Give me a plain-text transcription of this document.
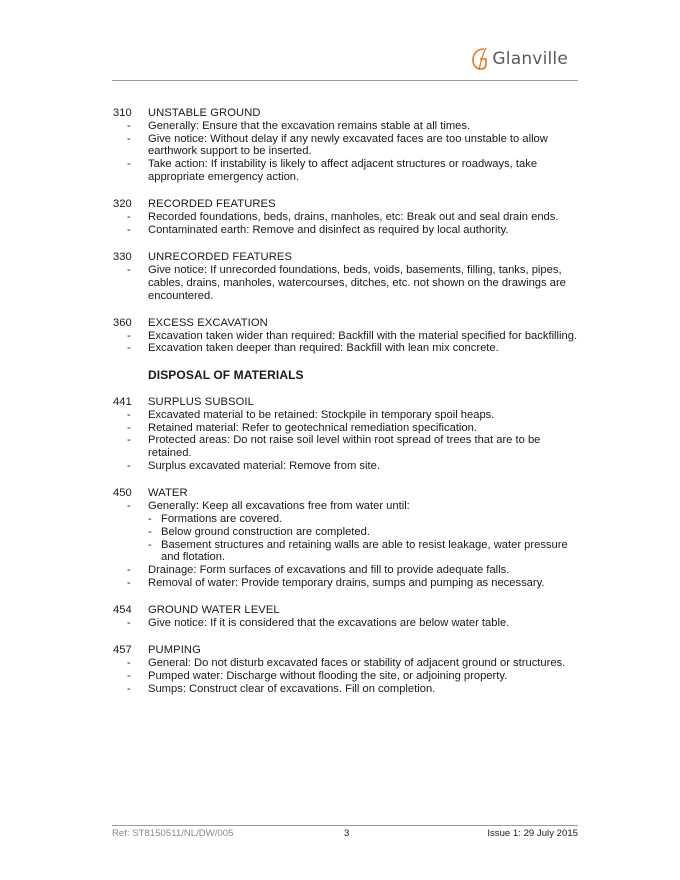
Glanville
310	UNSTABLE GROUND
-	Generally: Ensure that the excavation remains stable at all times.
-	Give notice: Without delay if any newly excavated faces are too unstable to allow earthwork support to be inserted.
-	Take action: If instability is likely to affect adjacent structures or roadways, take appropriate emergency action.
320	RECORDED FEATURES
-	Recorded foundations, beds, drains, manholes, etc: Break out and seal drain ends.
-	Contaminated earth: Remove and disinfect as required by local authority.
330	UNRECORDED FEATURES
-	Give notice: If unrecorded foundations, beds, voids, basements, filling, tanks, pipes, cables, drains, manholes, watercourses, ditches, etc. not shown on the drawings are encountered.
360	EXCESS EXCAVATION
-	Excavation taken wider than required: Backfill with the material specified for backfilling.
-	Excavation taken deeper than required: Backfill with lean mix concrete.
DISPOSAL OF MATERIALS
441	SURPLUS SUBSOIL
-	Excavated material to be retained: Stockpile in temporary spoil heaps.
-	Retained material: Refer to geotechnical remediation specification.
-	Protected areas: Do not raise soil level within root spread of trees that are to be retained.
-	Surplus excavated material: Remove from site.
450	WATER
-	Generally: Keep all excavations free from water until:
- Formations are covered.
- Below ground construction are completed.
- Basement structures and retaining walls are able to resist leakage, water pressure and flotation.
-	Drainage: Form surfaces of excavations and fill to provide adequate falls.
-	Removal of water: Provide temporary drains, sumps and pumping as necessary.
454	GROUND WATER LEVEL
-	Give notice: If it is considered that the excavations are below water table.
457	PUMPING
-	General: Do not disturb excavated faces or stability of adjacent ground or structures.
-	Pumped water: Discharge without flooding the site, or adjoining property.
-	Sumps: Construct clear of excavations. Fill on completion.
Ref: ST8150511/NL/DW/005	3	Issue 1: 29 July 2015
